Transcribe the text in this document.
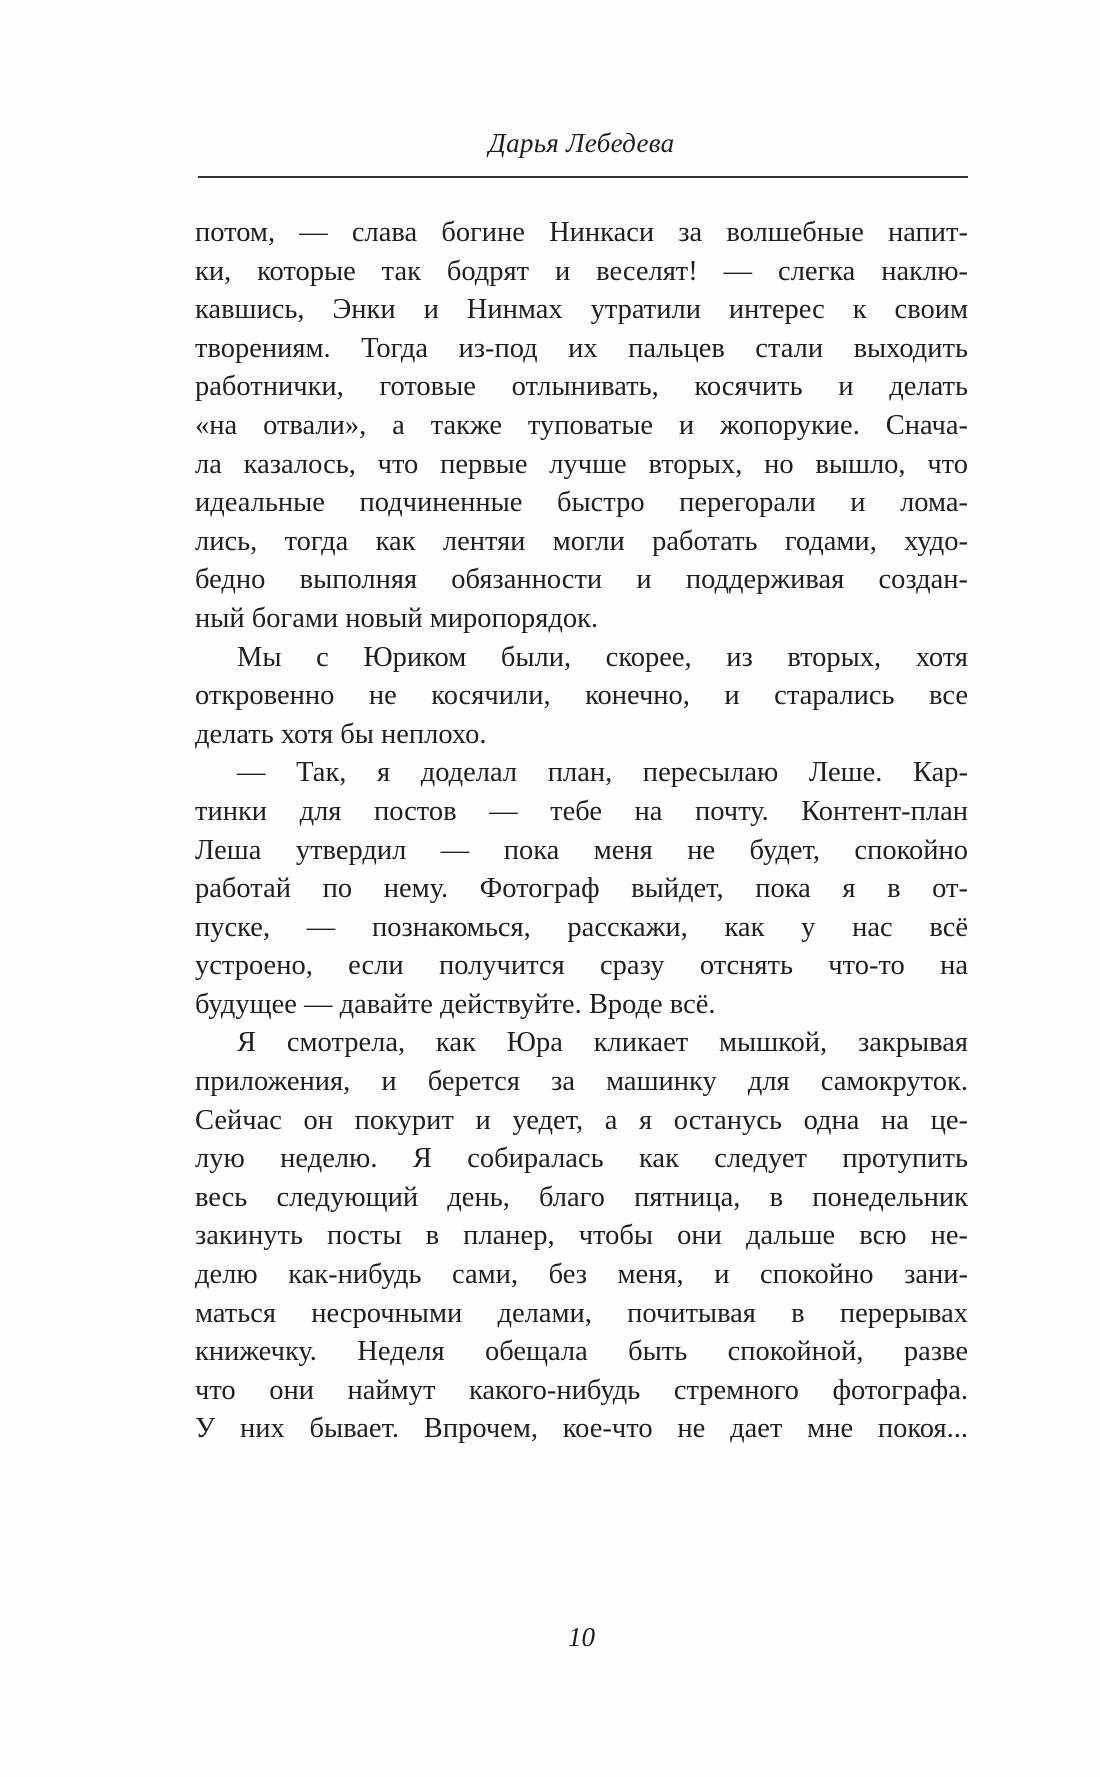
Дарья Лебедева
потом, — слава богине Нинкаси за волшебные напит-
ки, которые так бодрят и веселят! — слегка наклю-
кавшись, Энки и Нинмах утратили интерес к своим
творениям. Тогда из-под их пальцев стали выходить
работнички, готовые отлынивать, косячить и делать
«на отвали», а также туповатые и жопорукие. Снача-
ла казалось, что первые лучше вторых, но вышло, что
идеальные подчиненные быстро перегорали и лома-
лись, тогда как лентяи могли работать годами, худо-
бедно выполняя обязанности и поддерживая создан-
ный богами новый миропорядок.
Мы с Юриком были, скорее, из вторых, хотя
откровенно не косячили, конечно, и старались все
делать хотя бы неплохо.
— Так, я доделал план, пересылаю Леше. Кар-
тинки для постов — тебе на почту. Контент-план
Леша утвердил — пока меня не будет, спокойно
работай по нему. Фотограф выйдет, пока я в от-
пуске, — познакомься, расскажи, как у нас всё
устроено, если получится сразу отснять что-то на
будущее — давайте действуйте. Вроде всё.
Я смотрела, как Юра кликает мышкой, закрывая
приложения, и берется за машинку для самокруток.
Сейчас он покурит и уедет, а я останусь одна на це-
лую неделю. Я собиралась как следует протупить
весь следующий день, благо пятница, в понедельник
закинуть посты в планер, чтобы они дальше всю не-
делю как-нибудь сами, без меня, и спокойно зани-
маться несрочными делами, почитывая в перерывах
книжечку. Неделя обещала быть спокойной, разве
что они наймут какого-нибудь стремного фотографа.
У них бывает. Впрочем, кое-что не дает мне покоя...
10
